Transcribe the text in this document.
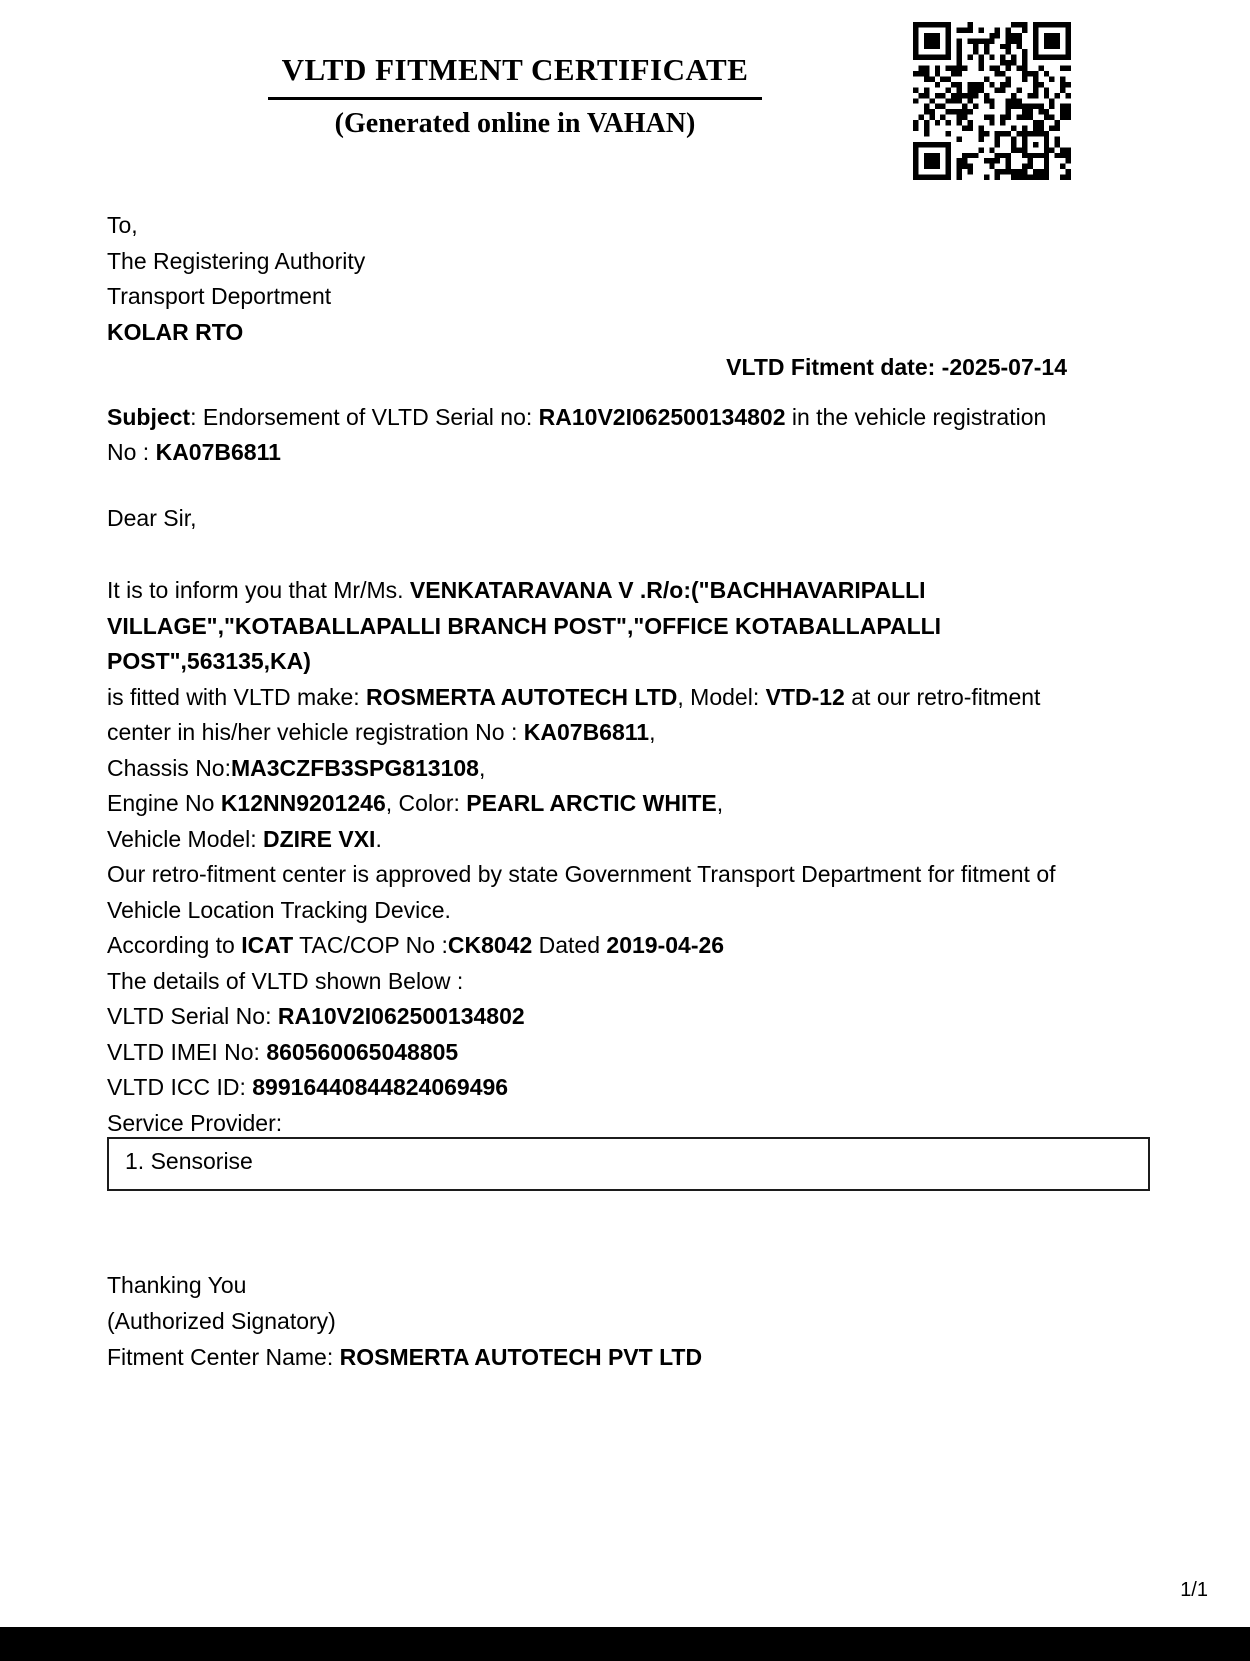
VLTD FITMENT CERTIFICATE
(Generated online in VAHAN)
To,
The Registering Authority
Transport Deportment
KOLAR RTO
VLTD Fitment date: -2025-07-14
Subject: Endorsement of VLTD Serial no: RA10V2I062500134802 in the vehicle registration
No : KA07B6811
Dear Sir,
It is to inform you that Mr/Ms. VENKATARAVANA V .R/o:("BACHHAVARIPALLI
VILLAGE","KOTABALLAPALLI BRANCH POST","OFFICE KOTABALLAPALLI
POST",563135,KA)
is fitted with VLTD make: ROSMERTA AUTOTECH LTD, Model: VTD-12 at our retro-fitment
center in his/her vehicle registration No : KA07B6811,
Chassis No:MA3CZFB3SPG813108,
Engine No K12NN9201246, Color: PEARL ARCTIC WHITE,
Vehicle Model: DZIRE VXI.
Our retro-fitment center is approved by state Government Transport Department for fitment of
Vehicle Location Tracking Device.
According to ICAT TAC/COP No :CK8042 Dated 2019-04-26
The details of VLTD shown Below :
VLTD Serial No: RA10V2I062500134802
VLTD IMEI No: 860560065048805
VLTD ICC ID: 89916440844824069496
Service Provider:
1. Sensorise
Thanking You
(Authorized Signatory)
Fitment Center Name: ROSMERTA AUTOTECH PVT LTD
1/1
